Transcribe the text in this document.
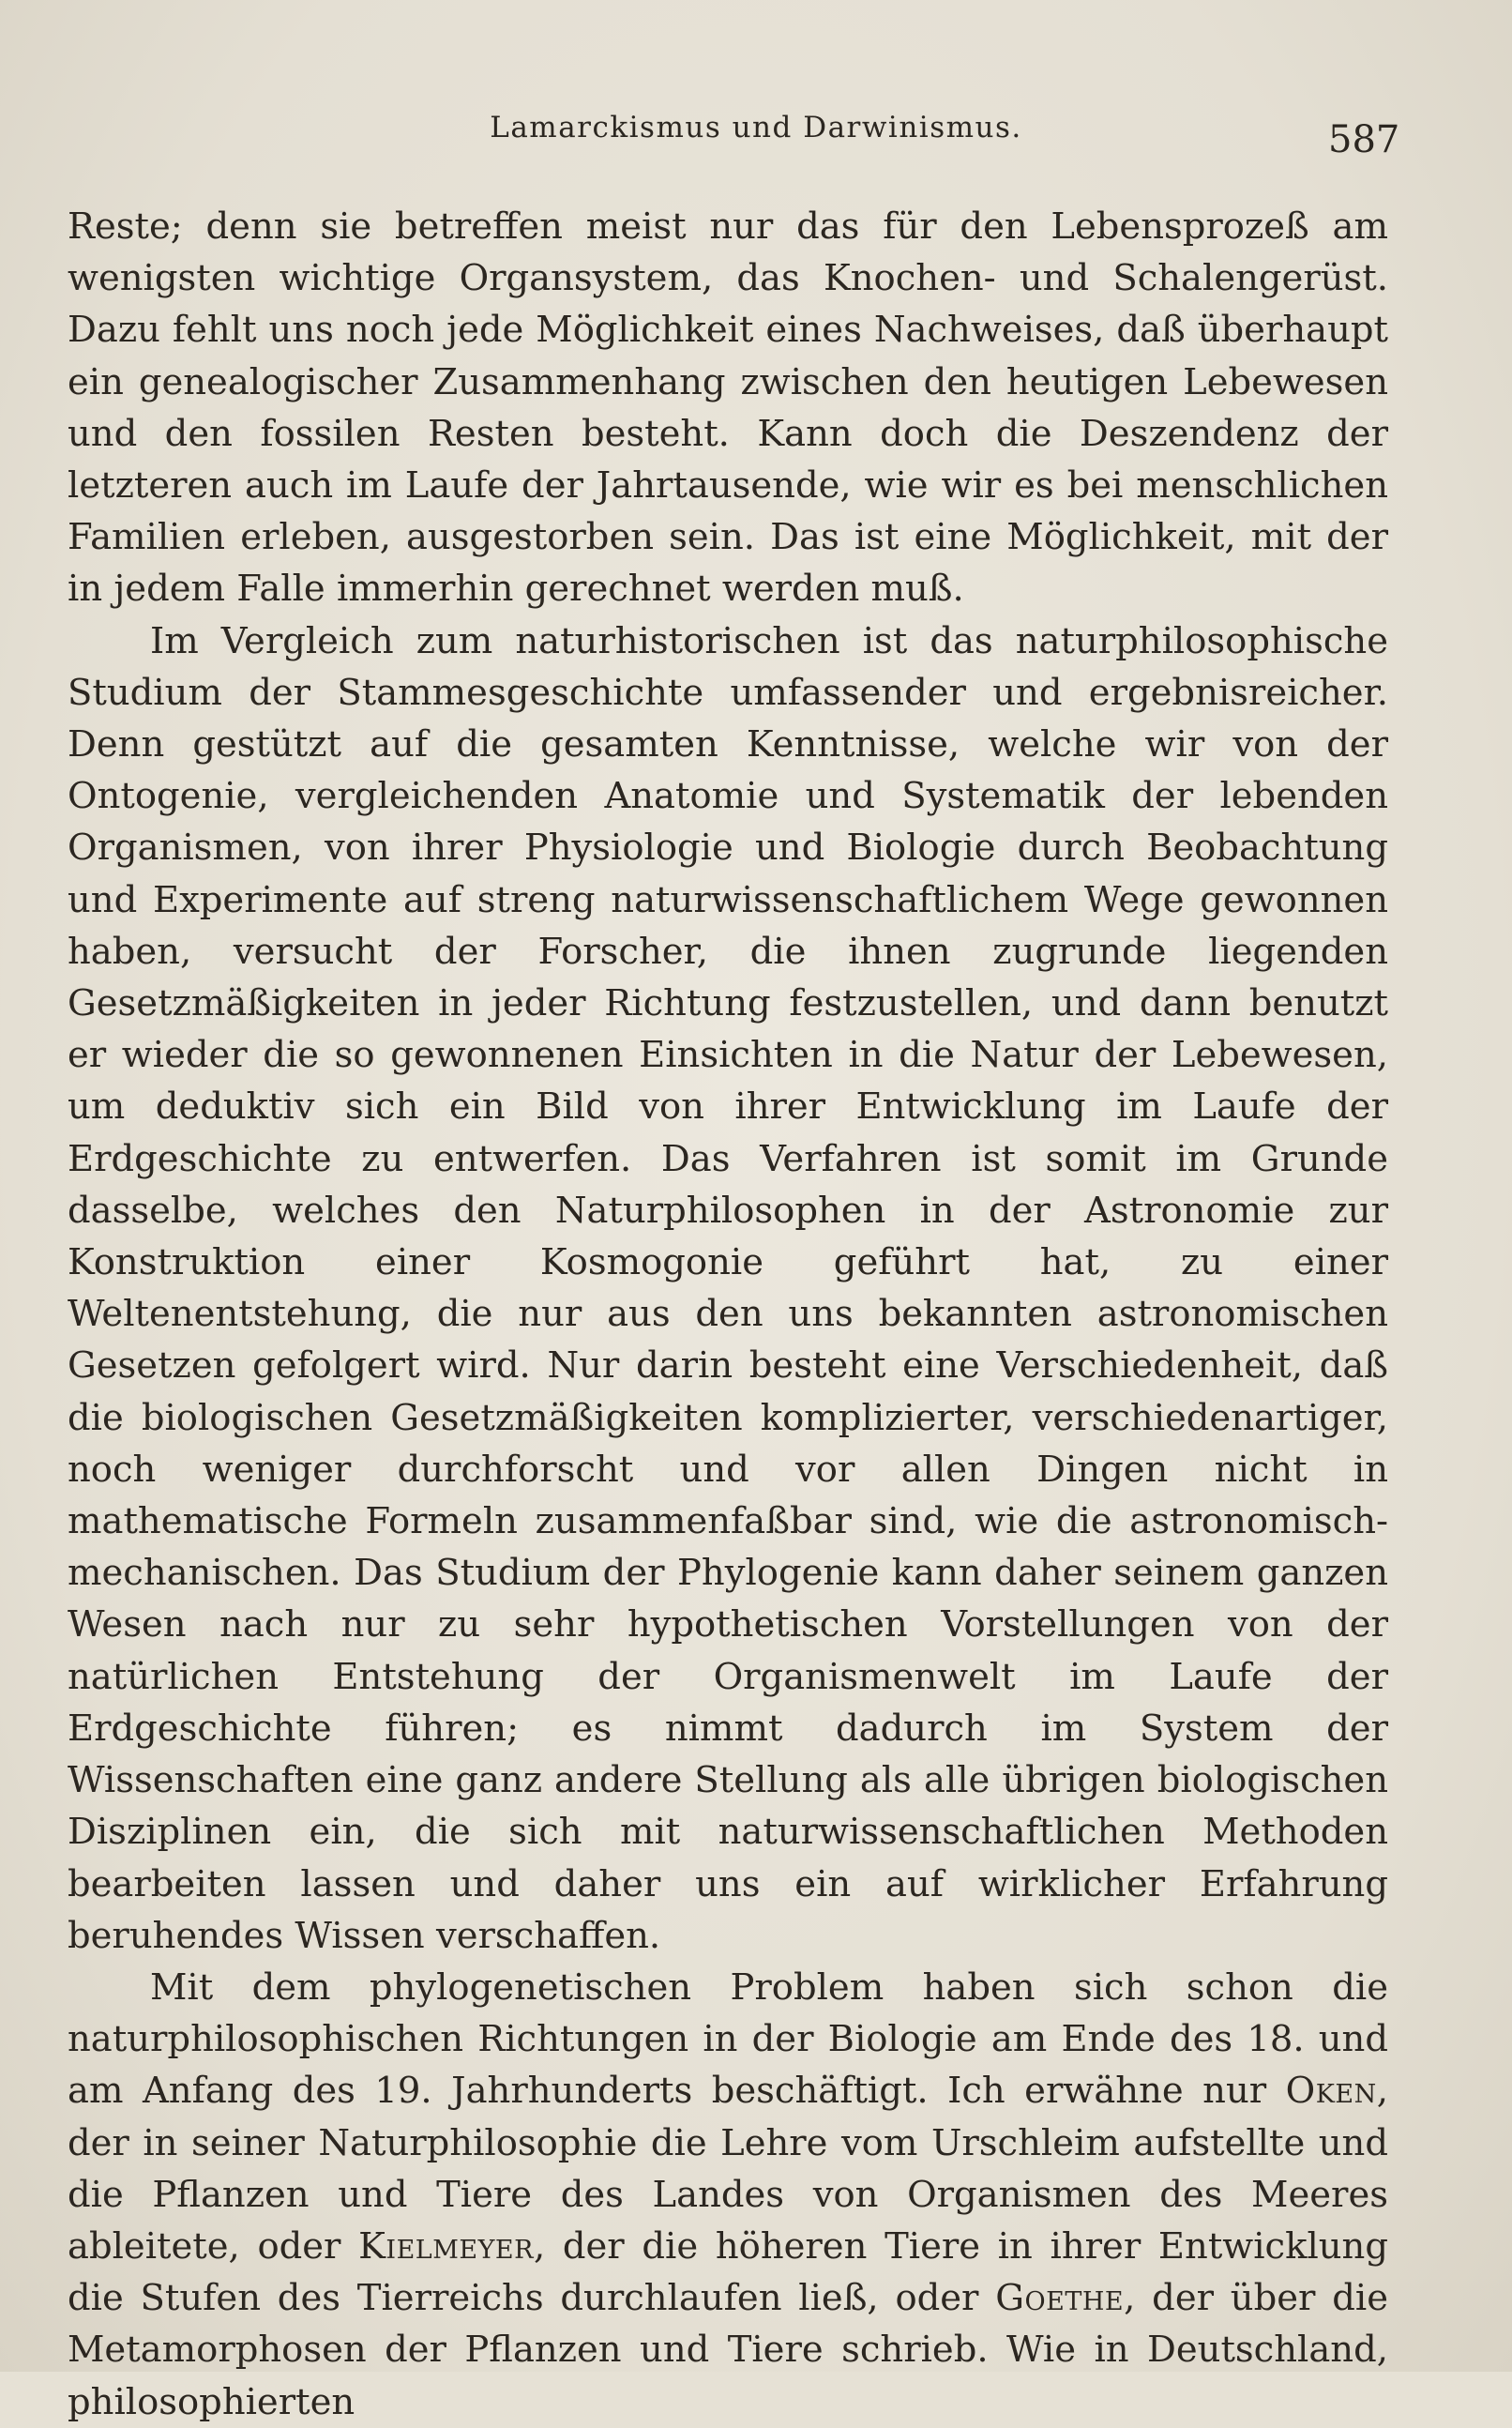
Lamarckismus und Darwinismus.	587

Reste; denn sie betreffen meist nur das für den Lebensprozeß am wenigsten wichtige Organsystem, das Knochen- und Schalengerüst. Dazu fehlt uns noch jede Möglichkeit eines Nachweises, daß überhaupt ein genealogischer Zusammenhang zwischen den heutigen Lebewesen und den fossilen Resten besteht. Kann doch die Deszendenz der letzteren auch im Laufe der Jahrtausende, wie wir es bei menschlichen Familien erleben, ausgestorben sein. Das ist eine Möglichkeit, mit der in jedem Falle immerhin gerechnet werden muß.

Im Vergleich zum naturhistorischen ist das naturphilosophische Studium der Stammesgeschichte umfassender und ergebnisreicher. Denn gestützt auf die gesamten Kenntnisse, welche wir von der Ontogenie, vergleichenden Anatomie und Systematik der lebenden Organismen, von ihrer Physiologie und Biologie durch Beobachtung und Experimente auf streng naturwissenschaftlichem Wege gewonnen haben, versucht der Forscher, die ihnen zugrunde liegenden Gesetzmäßigkeiten in jeder Richtung festzustellen, und dann benutzt er wieder die so gewonnenen Einsichten in die Natur der Lebewesen, um deduktiv sich ein Bild von ihrer Entwicklung im Laufe der Erdgeschichte zu entwerfen. Das Verfahren ist somit im Grunde dasselbe, welches den Naturphilosophen in der Astronomie zur Konstruktion einer Kosmogonie geführt hat, zu einer Weltenentstehung, die nur aus den uns bekannten astronomischen Gesetzen gefolgert wird. Nur darin besteht eine Verschiedenheit, daß die biologischen Gesetzmäßigkeiten komplizierter, verschiedenartiger, noch weniger durchforscht und vor allen Dingen nicht in mathematische Formeln zusammenfaßbar sind, wie die astronomisch-mechanischen. Das Studium der Phylogenie kann daher seinem ganzen Wesen nach nur zu sehr hypothetischen Vorstellungen von der natürlichen Entstehung der Organismenwelt im Laufe der Erdgeschichte führen; es nimmt dadurch im System der Wissenschaften eine ganz andere Stellung als alle übrigen biologischen Disziplinen ein, die sich mit naturwissenschaftlichen Methoden bearbeiten lassen und daher uns ein auf wirklicher Erfahrung beruhendes Wissen verschaffen.

Mit dem phylogenetischen Problem haben sich schon die naturphilosophischen Richtungen in der Biologie am Ende des 18. und am Anfang des 19. Jahrhunderts beschäftigt. Ich erwähne nur Oken, der in seiner Naturphilosophie die Lehre vom Urschleim aufstellte und die Pflanzen und Tiere des Landes von Organismen des Meeres ableitete, oder Kielmeyer, der die höheren Tiere in ihrer Entwicklung die Stufen des Tierreichs durchlaufen ließ, oder Goethe, der über die Metamorphosen der Pflanzen und Tiere schrieb. Wie in Deutschland, philosophierten
